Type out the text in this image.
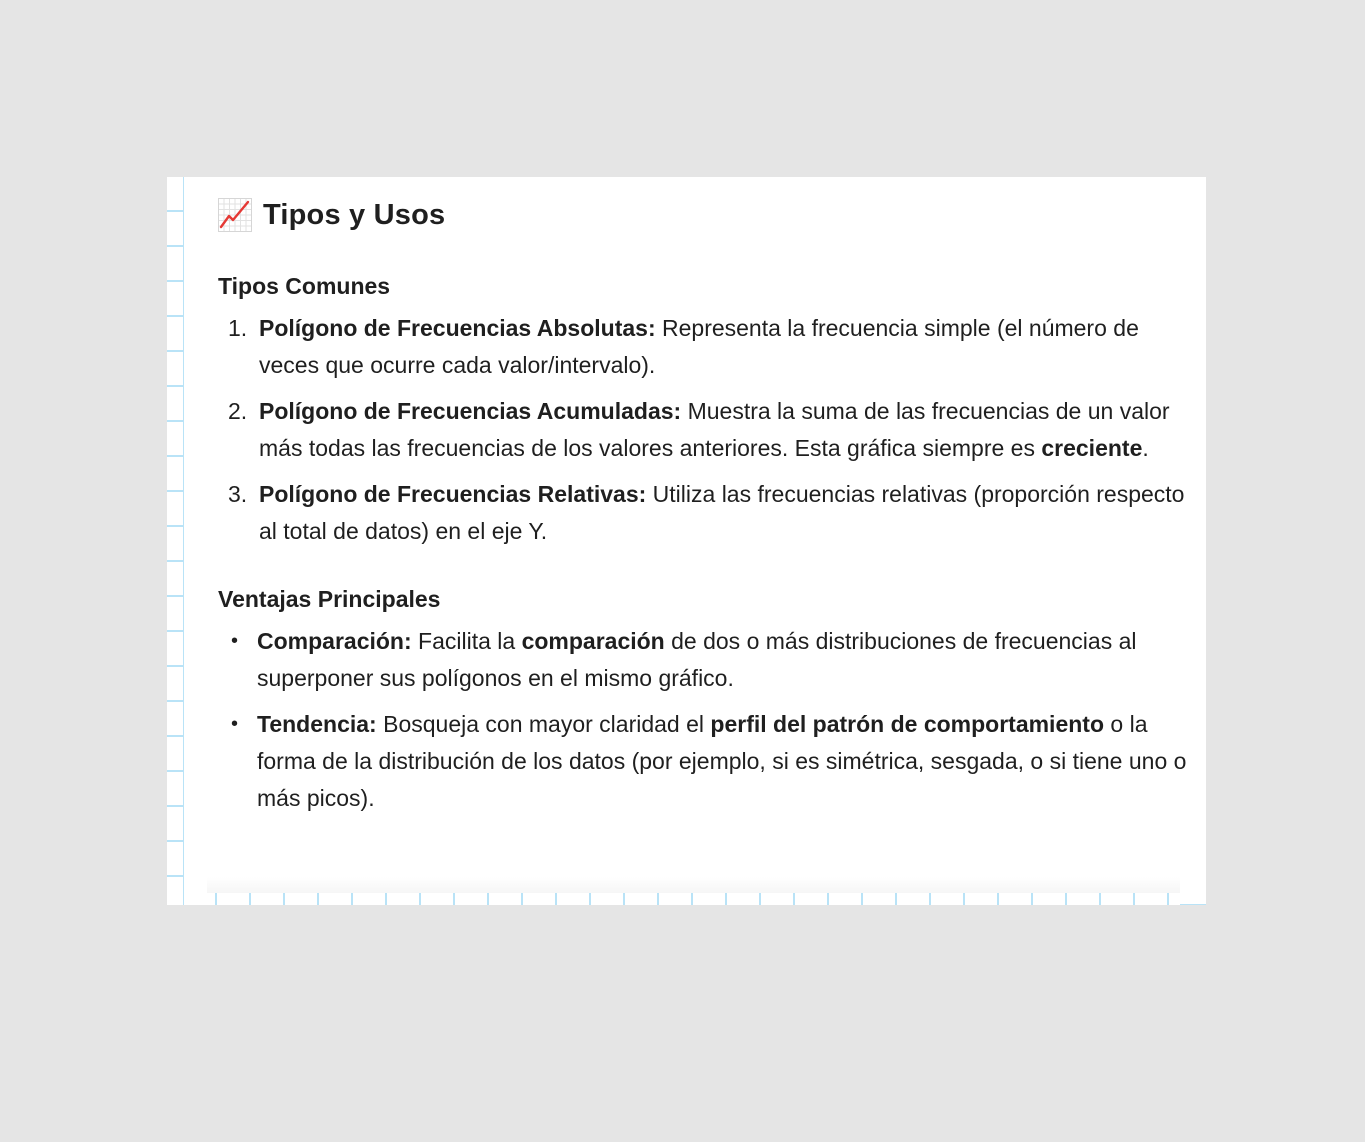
Tipos y Usos
Tipos Comunes
1. Polígono de Frecuencias Absolutas: Representa la frecuencia simple (el número de veces que ocurre cada valor/intervalo).
2. Polígono de Frecuencias Acumuladas: Muestra la suma de las frecuencias de un valor más todas las frecuencias de los valores anteriores. Esta gráfica siempre es creciente.
3. Polígono de Frecuencias Relativas: Utiliza las frecuencias relativas (proporción respecto al total de datos) en el eje Y.
Ventajas Principales
• Comparación: Facilita la comparación de dos o más distribuciones de frecuencias al superponer sus polígonos en el mismo gráfico.
• Tendencia: Bosqueja con mayor claridad el perfil del patrón de comportamiento o la forma de la distribución de los datos (por ejemplo, si es simétrica, sesgada, o si tiene uno o más picos).
